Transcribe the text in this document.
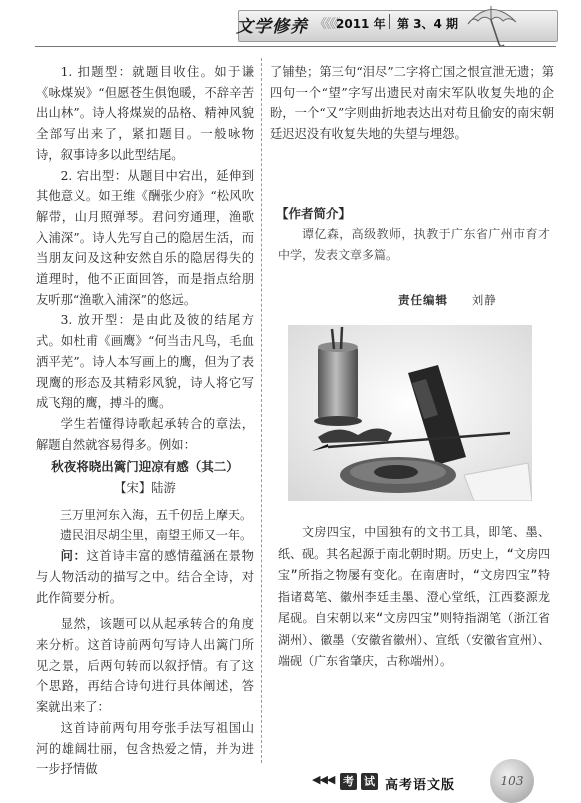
文学修养 《《《《
2011 年 第 3、4 期

1. 扣题型：就题目收住。如于谦《咏煤炭》“但愿苍生俱饱暖，不辞辛苦出山林”。诗人将煤炭的品格、精神风貌全部写出来了，紧扣题目。一般咏物诗，叙事诗多以此型结尾。

2. 宕出型：从题目中宕出，延伸到其他意义。如王维《酬张少府》“松风吹解带，山月照弹琴。君问穷通理，渔歌入浦深”。诗人先写自己的隐居生活，而当朋友问及这种安然自乐的隐居得失的道理时，他不正面回答，而是指点给朋友听那“渔歌入浦深”的悠远。

3. 放开型：是由此及彼的结尾方式。如杜甫《画鹰》“何当击凡鸟，毛血洒平芜”。诗人本写画上的鹰，但为了表现鹰的形态及其精彩风貌，诗人将它写成飞翔的鹰，搏斗的鹰。

学生若懂得诗歌起承转合的章法，解题自然就容易得多。例如：

秋夜将晓出篱门迎凉有感（其二）

【宋】陆游

三万里河东入海，五千仞岳上摩天。

遗民泪尽胡尘里，南望王师又一年。

问：这首诗丰富的感情蕴涵在景物与人物活动的描写之中。结合全诗，对此作简要分析。

显然，该题可以从起承转合的角度来分析。这首诗前两句写诗人出篱门所见之景，后两句转而以叙抒情。有了这个思路，再结合诗句进行具体阐述，答案就出来了：

这首诗前两句用夸张手法写祖国山河的雄阔壮丽，包含热爱之情，并为进一步抒情做

了铺垫；第三句“泪尽”二字将亡国之恨宣泄无遗；第四句一个“望”字写出遗民对南宋军队收复失地的企盼，一个“又”字则曲折地表达出对苟且偷安的南宋朝廷迟迟没有收复失地的失望与埋怨。

【作者简介】
谭亿森，高级教师，执教于广东省广州市育才中学，发表文章多篇。
责任编辑 刘静
文房四宝，中国独有的文书工具，即笔、墨、纸、砚。其名起源于南北朝时期。历史上，“文房四宝”所指之物屡有变化。在南唐时，“文房四宝”特指诸葛笔、徽州李廷圭墨、澄心堂纸，江西婺源龙尾砚。自宋朝以来“文房四宝”则特指湖笔（浙江省湖州）、徽墨（安徽省徽州）、宣纸（安徽省宣州）、端砚（广东省肇庆，古称端州）。
◀◀◀ 考 试 高考语文版	103
